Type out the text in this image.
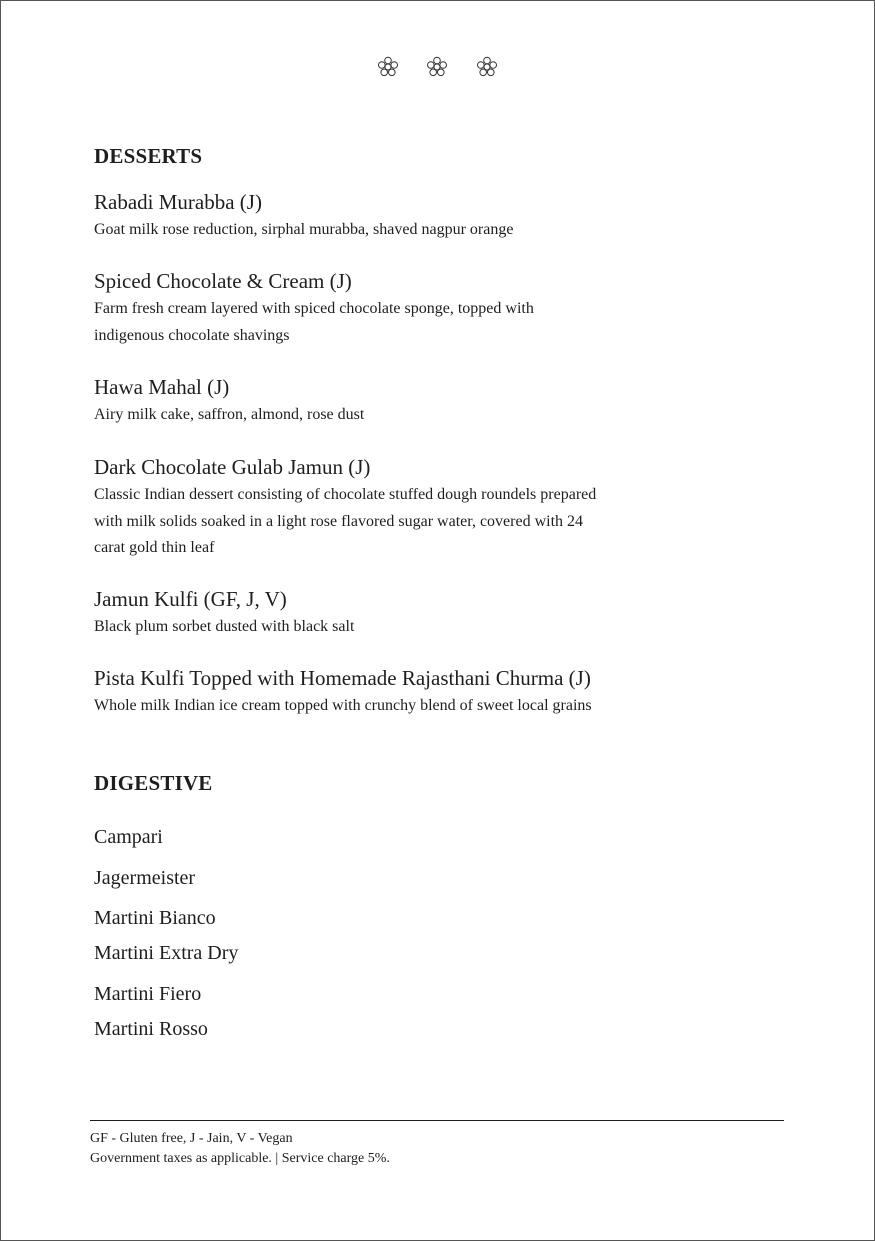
DESSERTS
Rabadi Murabba (J)
Goat milk rose reduction, sirphal murabba, shaved nagpur orange
Spiced Chocolate & Cream (J)
Farm fresh cream layered with spiced chocolate sponge, topped with
indigenous chocolate shavings
Hawa Mahal (J)
Airy milk cake, saffron, almond, rose dust
Dark Chocolate Gulab Jamun (J)
Classic Indian dessert consisting of chocolate stuffed dough roundels prepared
with milk solids soaked in a light rose flavored sugar water, covered with 24
carat gold thin leaf
Jamun Kulfi (GF, J, V)
Black plum sorbet dusted with black salt
Pista Kulfi Topped with Homemade Rajasthani Churma (J)
Whole milk Indian ice cream topped with crunchy blend of sweet local grains
DIGESTIVE
Campari
Jagermeister
Martini Bianco
Martini Extra Dry
Martini Fiero
Martini Rosso
GF - Gluten free, J - Jain, V - Vegan
Government taxes as applicable. | Service charge 5%.
